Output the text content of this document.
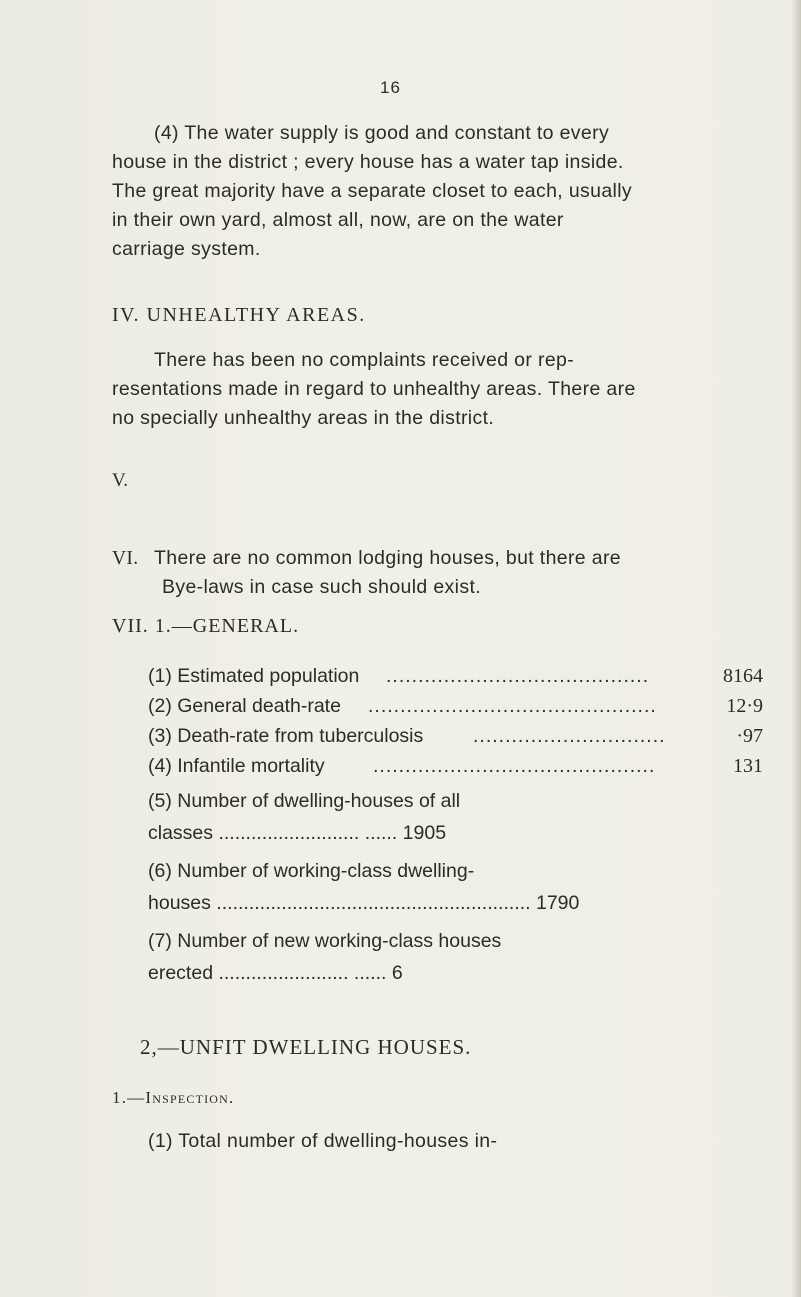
16

(4) The water supply is good and constant to every

house in the district ; every house has a water tap inside.

The great majority have a separate closet to each, usually

in their own yard, almost all, now, are on the water

carriage system.

IV. UNHEALTHY AREAS.

There has been no complaints received or rep-

resentations made in regard to unhealthy areas. There are

no specially unhealthy areas in the district.

V.
VI. There are no common lodging houses, but there are
Bye-laws in case such should exist.
VII. 1.—GENERAL.
(1) Estimated population .........................................	8164
(2) General death-rate .............................................	12·9
(3) Death-rate from tuberculosis	..............................	·97
(4) Infantile mortality ............................................	131
(5) Number of dwelling-houses of all
classes .......................... ...... 1905
(6) Number of working-class dwelling-
houses .......................................................... 1790
(7) Number of new working-class houses
erected ........................ ...... 6
2,—UNFIT DWELLING HOUSES.
1.—Inspection.
(1) Total number of dwelling-houses in-
